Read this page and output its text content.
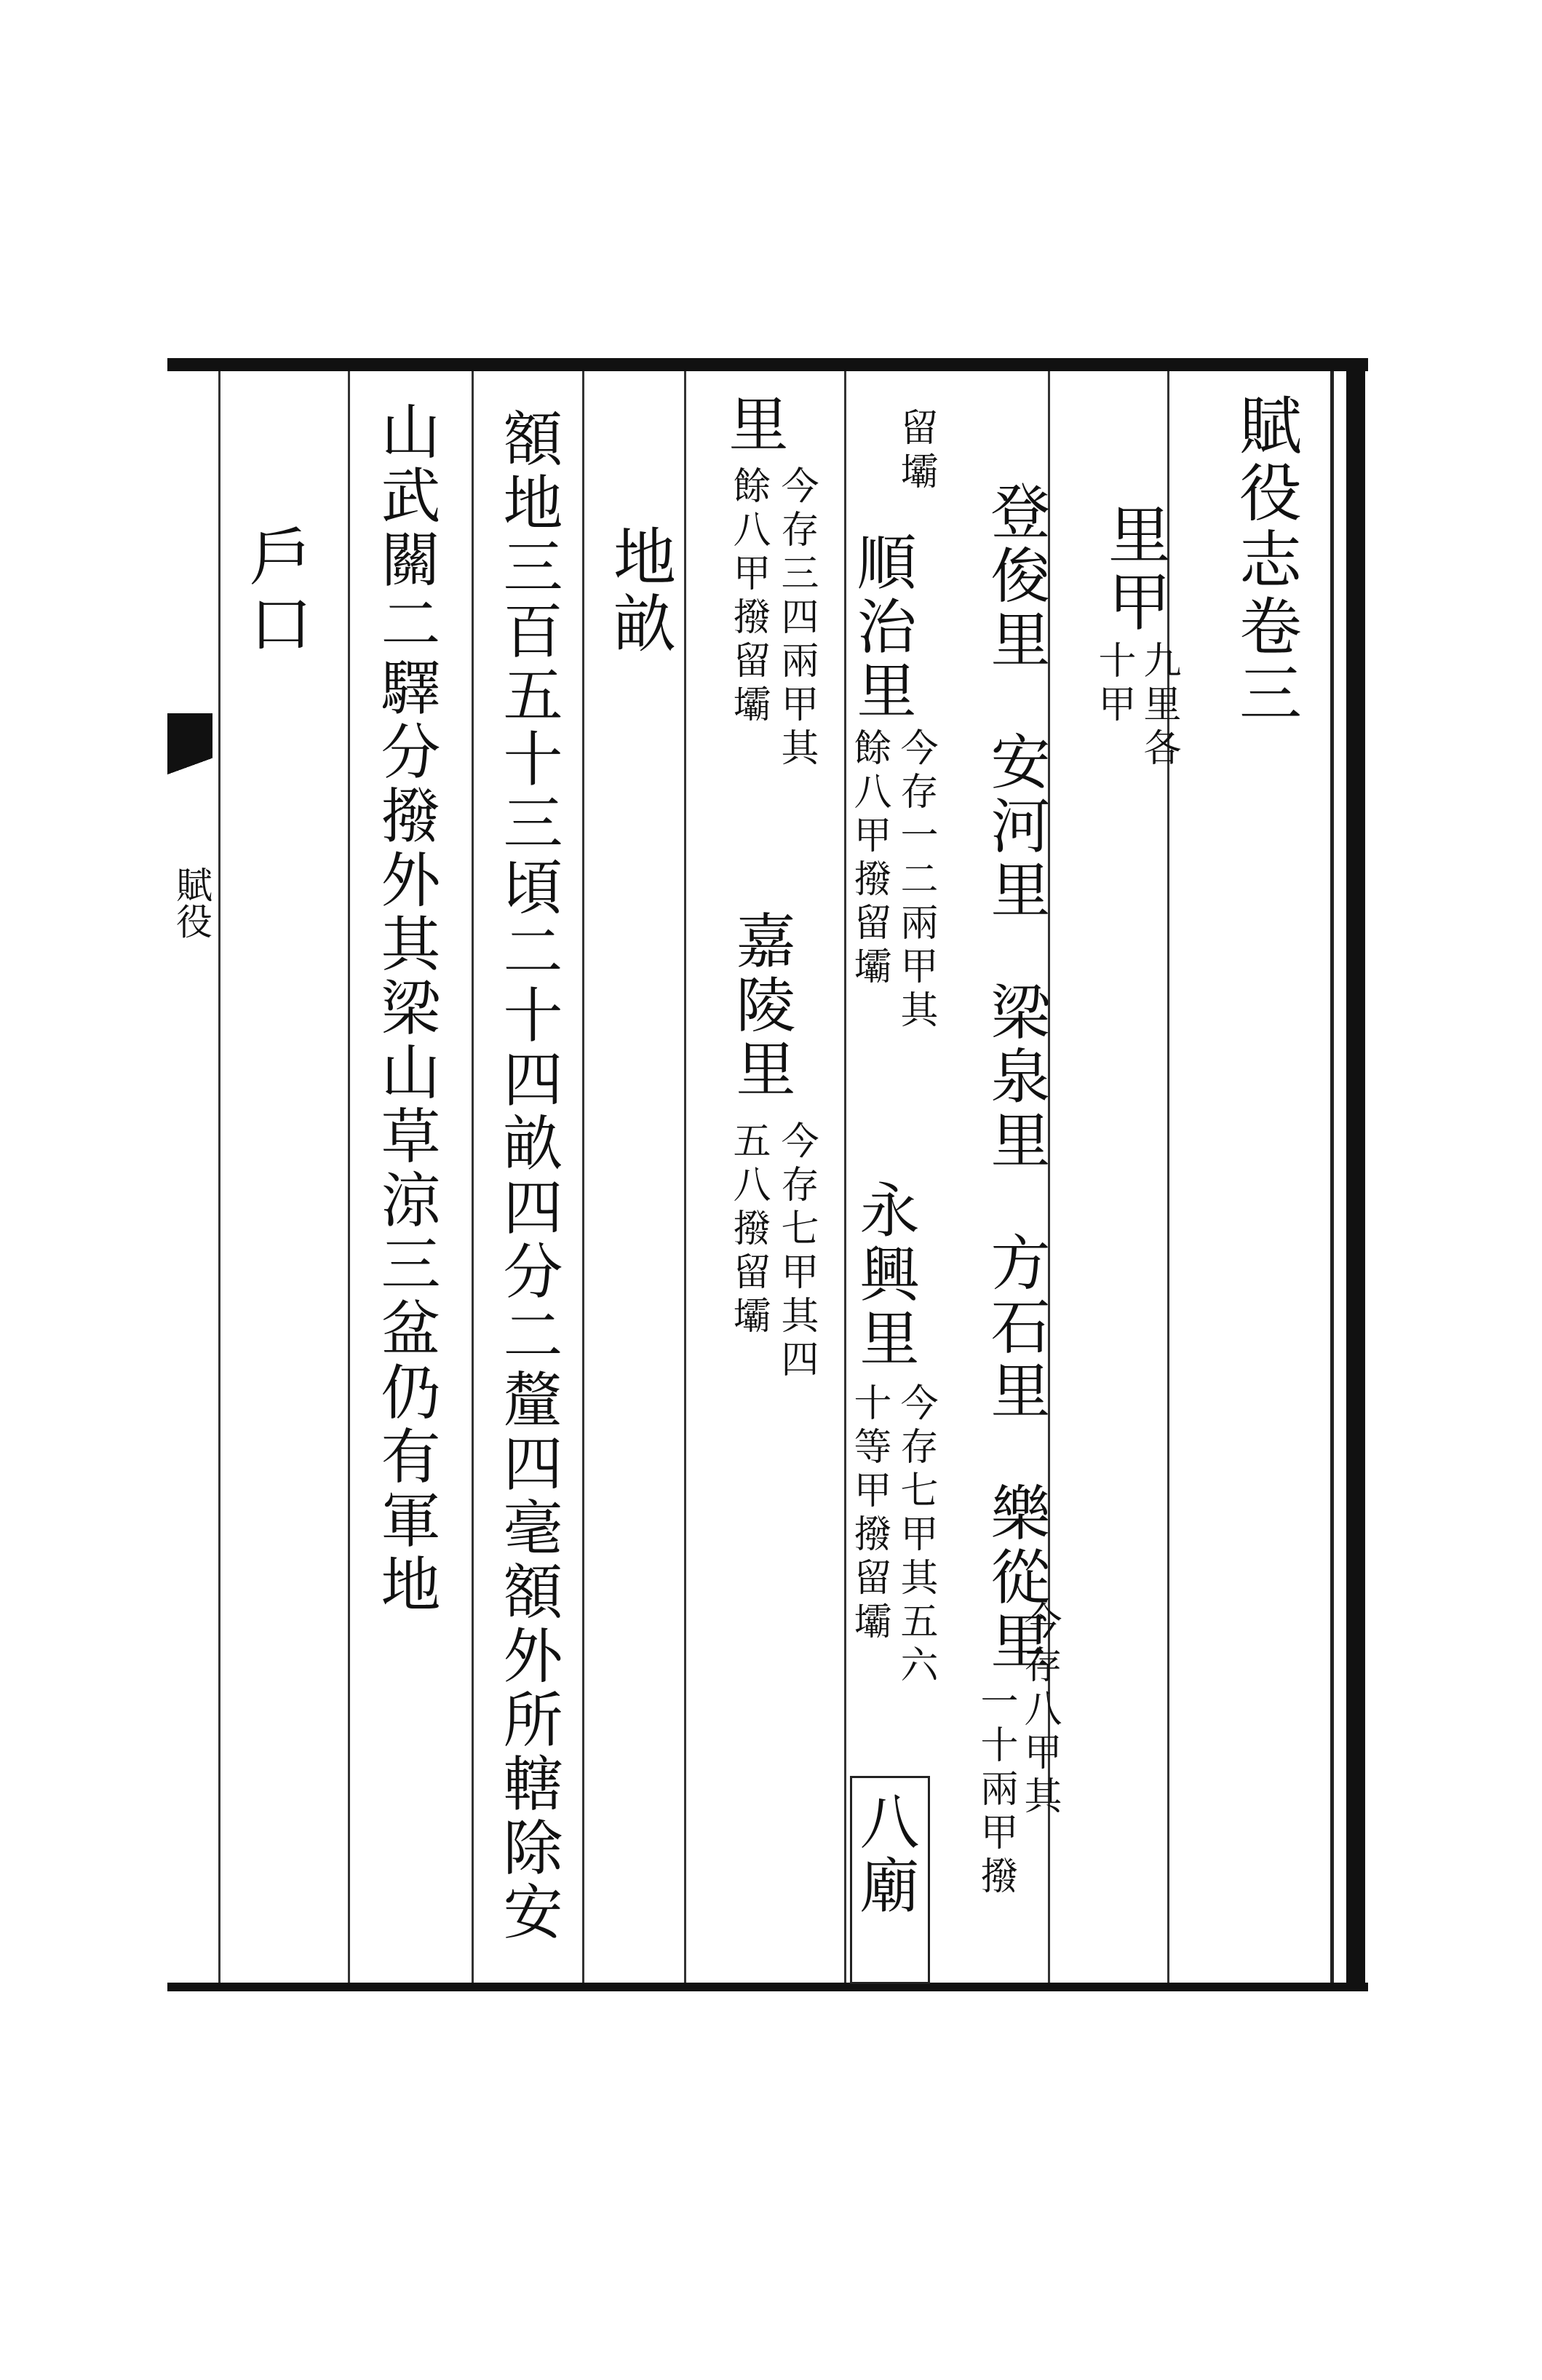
賦役
賦役志卷三
里甲
九里各
十甲
登俊里安河里梁泉里方石里樂從里
今存八甲其
一十兩甲撥
留壩
順治里
今存一二兩甲其
餘八甲撥留壩
永興里
今存七甲其五六
十等甲撥留壩
八廟
里
今存三四兩甲其
餘八甲撥留壩
嘉陵里
今存七甲其四
五八撥留壩
地畝
額地三百五十三頃二十四畝四分二釐四毫額外所轄除安
山武關二驛分撥外其梁山草涼三盆仍有軍地
戶口
